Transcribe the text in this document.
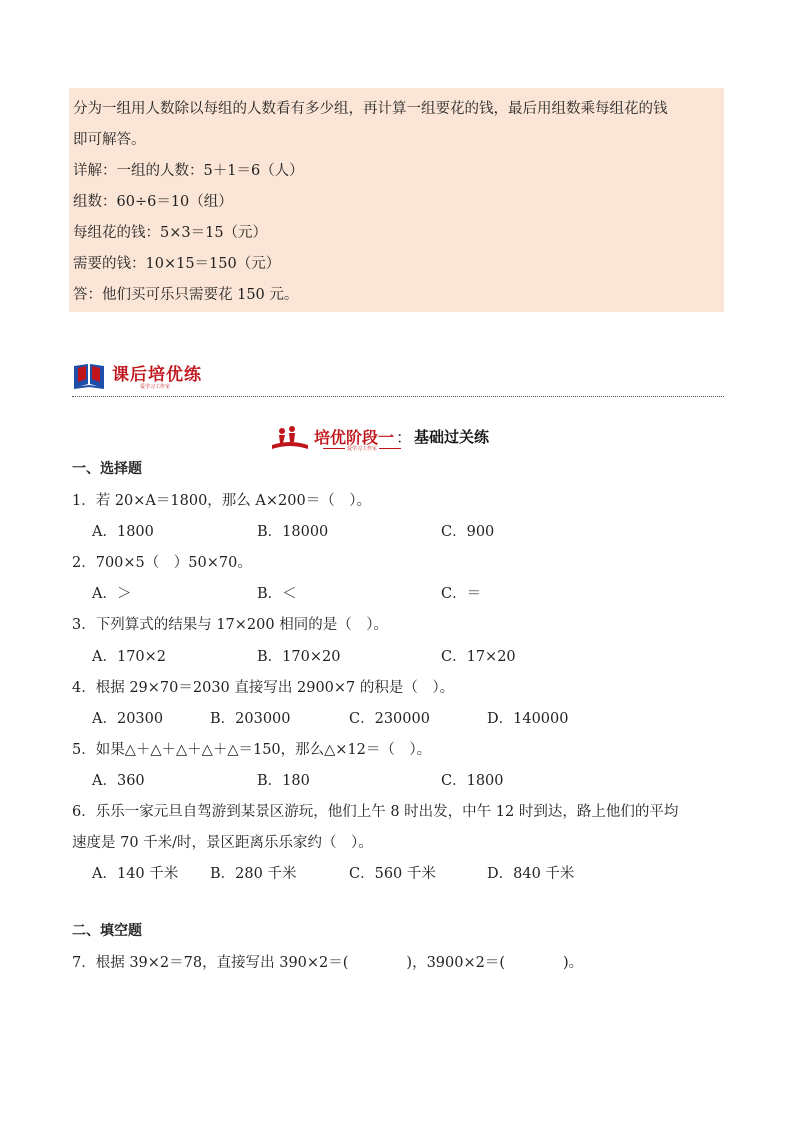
分为一组用人数除以每组的人数看有多少组，再计算一组要花的钱，最后用组数乘每组花的钱

即可解答。

详解：一组的人数：5＋1＝6（人）

组数：60÷6＝10（组）

每组花的钱：5×3＝15（元）

需要的钱：10×15＝150（元）

答：他们买可乐只需要花 150 元。

课后培优练
爱学习工作室
培优阶段一 ： 基础过关练
爱学习工作室
一、选择题
1．若 20×A＝1800，那么 A×200＝（　）。
A．1800	B．18000	C．900
2．700×5（　）50×70。
A．＞	B．＜	C．＝
3．下列算式的结果与 17×200 相同的是（　）。
A．170×2	B．170×20	C．17×20
4．根据 29×70＝2030 直接写出 2900×7 的积是（　）。
A．20300	B．203000	C．230000	D．140000
5．如果△＋△＋△＋△＋△＝150，那么△×12＝（　）。
A．360	B．180	C．1800
6．乐乐一家元旦自驾游到某景区游玩，他们上午 8 时出发，中午 12 时到达，路上他们的平均
速度是 70 千米/时，景区距离乐乐家约（　）。
A．140 千米 B．280 千米	C．560 千米	D．840 千米
二、填空题
7．根据 39×2＝78，直接写出 390×2＝(　　　　)，3900×2＝(　　　　)。
